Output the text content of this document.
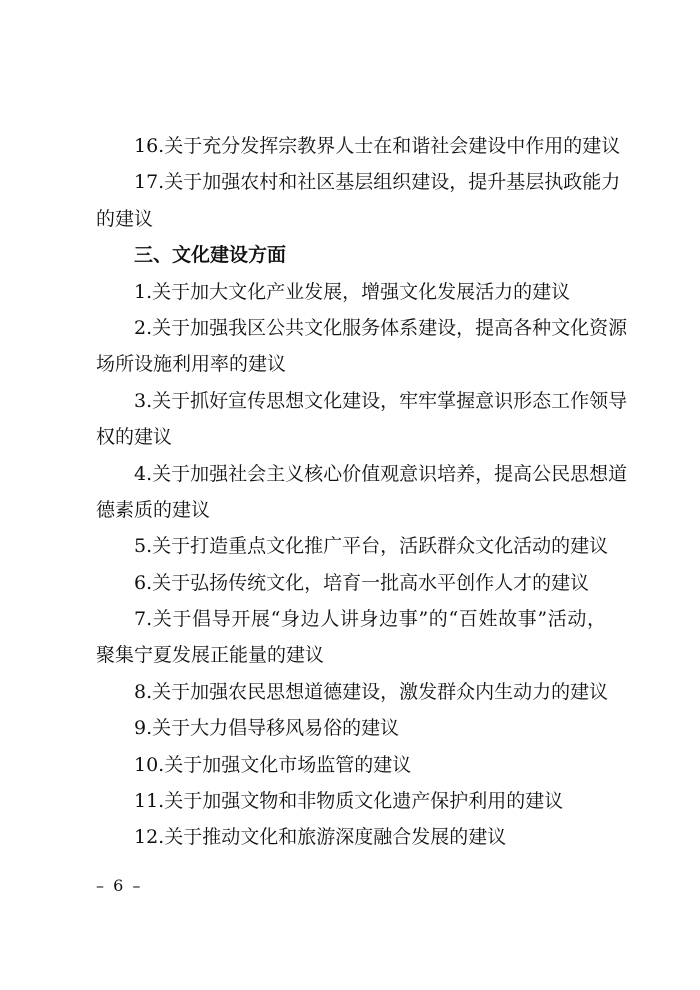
16.关于充分发挥宗教界人士在和谐社会建设中作用的建议
17.关于加强农村和社区基层组织建设，提升基层执政能力
的建议
三、文化建设方面
1.关于加大文化产业发展，增强文化发展活力的建议
2.关于加强我区公共文化服务体系建设，提高各种文化资源
场所设施利用率的建议
3.关于抓好宣传思想文化建设，牢牢掌握意识形态工作领导
权的建议
4.关于加强社会主义核心价值观意识培养，提高公民思想道
德素质的建议
5.关于打造重点文化推广平台，活跃群众文化活动的建议
6.关于弘扬传统文化，培育一批高水平创作人才的建议
7.关于倡导开展“身边人讲身边事”的“百姓故事”活动，
聚集宁夏发展正能量的建议
8.关于加强农民思想道德建设，激发群众内生动力的建议
9.关于大力倡导移风易俗的建议
10.关于加强文化市场监管的建议
11.关于加强文物和非物质文化遗产保护利用的建议
12.关于推动文化和旅游深度融合发展的建议
– 6 –
